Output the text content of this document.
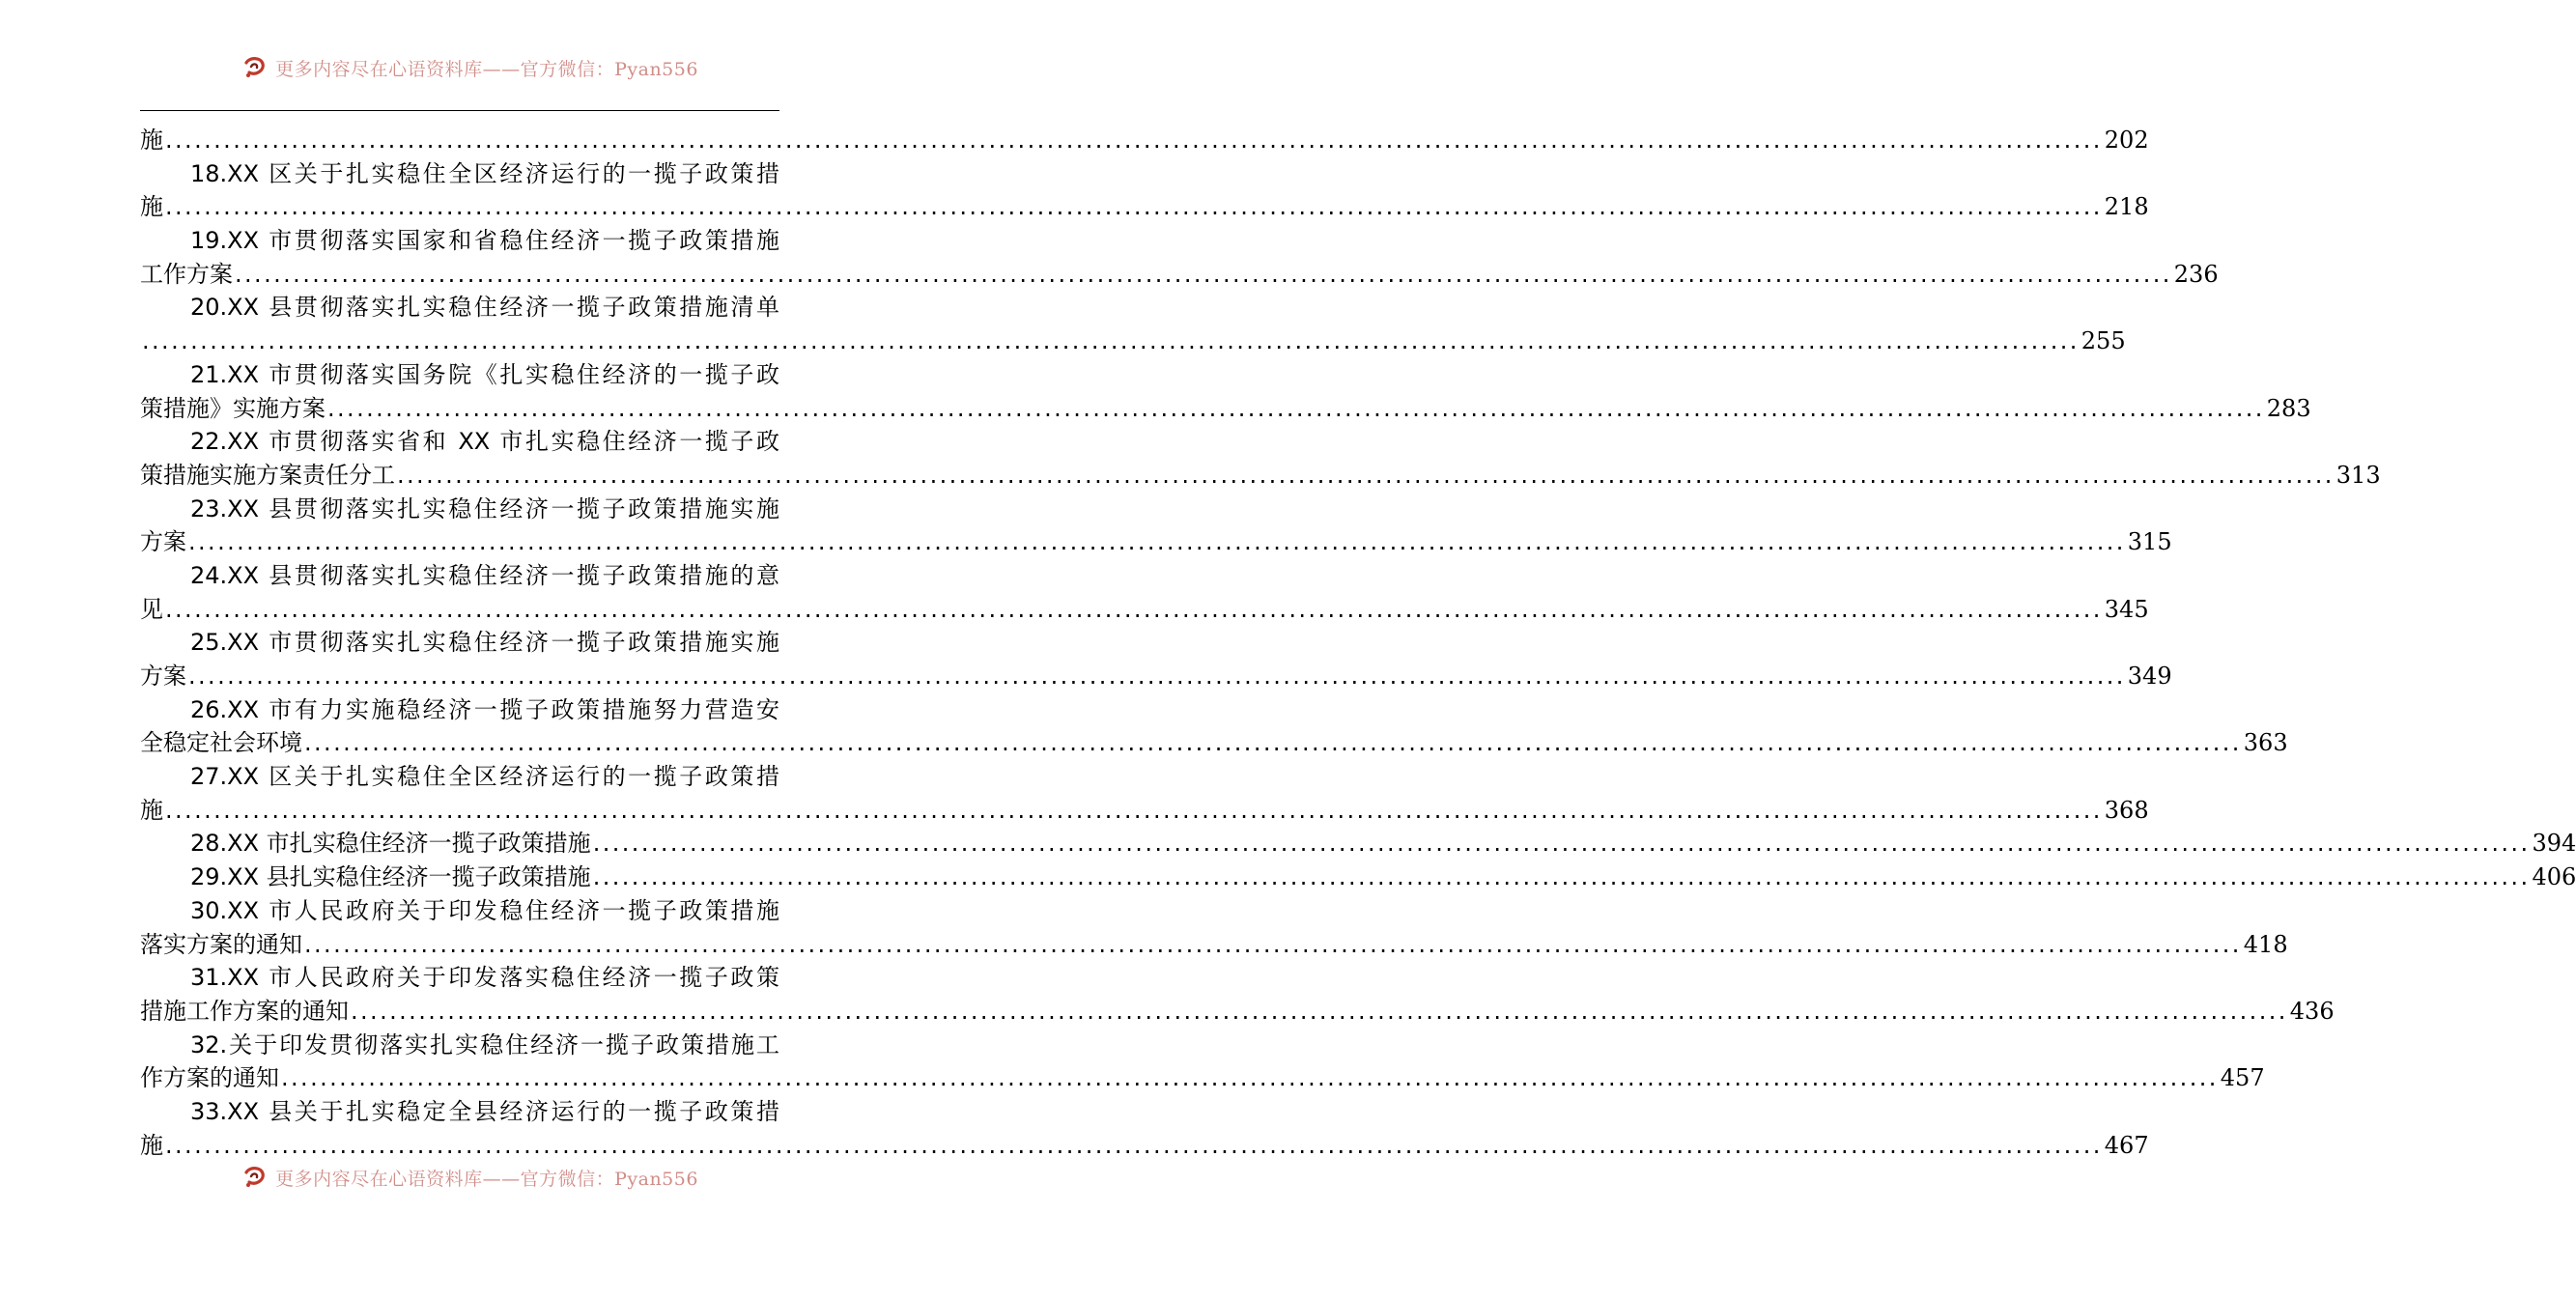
更多内容尽在心语资料库——官方微信：Pyan556
施 ........................................................................................................................................................................................................ 202
18.XX 区关于扎实稳住全区经济运行的一揽子政策措
施 ........................................................................................................................................................................................................ 218
19.XX 市贯彻落实国家和省稳住经济一揽子政策措施
工作方案 ........................................................................................................................................................................................................ 236
20.XX 县贯彻落实扎实稳住经济一揽子政策措施清单
........................................................................................................................................................................................................ 255
21.XX 市贯彻落实国务院《扎实稳住经济的一揽子政
策措施》实施方案 ........................................................................................................................................................................................................ 283
22.XX 市贯彻落实省和 XX 市扎实稳住经济一揽子政
策措施实施方案责任分工 ........................................................................................................................................................................................................ 313
23.XX 县贯彻落实扎实稳住经济一揽子政策措施实施
方案 ........................................................................................................................................................................................................ 315
24.XX 县贯彻落实扎实稳住经济一揽子政策措施的意
见 ........................................................................................................................................................................................................ 345
25.XX 市贯彻落实扎实稳住经济一揽子政策措施实施
方案 ........................................................................................................................................................................................................ 349
26.XX 市有力实施稳经济一揽子政策措施努力营造安
全稳定社会环境 ........................................................................................................................................................................................................ 363
27.XX 区关于扎实稳住全区经济运行的一揽子政策措
施 ........................................................................................................................................................................................................ 368
28.XX 市扎实稳住经济一揽子政策措施 ........................................................................................................................................................................................................ 394
29.XX 县扎实稳住经济一揽子政策措施 ........................................................................................................................................................................................................ 406
30.XX 市人民政府关于印发稳住经济一揽子政策措施
落实方案的通知 ........................................................................................................................................................................................................ 418
31.XX 市人民政府关于印发落实稳住经济一揽子政策
措施工作方案的通知 ........................................................................................................................................................................................................ 436
32.关于印发贯彻落实扎实稳住经济一揽子政策措施工
作方案的通知 ........................................................................................................................................................................................................ 457
33.XX 县关于扎实稳定全县经济运行的一揽子政策措
施 ........................................................................................................................................................................................................ 467
更多内容尽在心语资料库——官方微信：Pyan556
